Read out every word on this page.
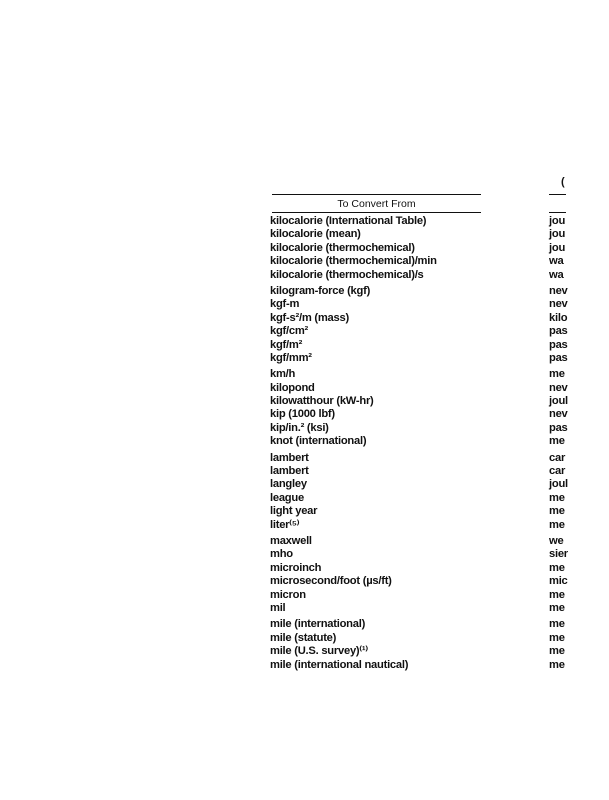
(
To Convert From
kilocalorie (International Table)
kilocalorie (mean)
kilocalorie (thermochemical)
kilocalorie (thermochemical)/min
kilocalorie (thermochemical)/s
kilogram-force (kgf)
kgf-m
kgf-s²/m (mass)
kgf/cm²
kgf/m²
kgf/mm²
km/h
kilopond
kilowatthour (kW-hr)
kip (1000 lbf)
kip/in.² (ksi)
knot (international)
lambert
lambert
langley
league
light year
liter⁽⁵⁾
maxwell
mho
microinch
microsecond/foot (µs/ft)
micron
mil
mile (international)
mile (statute)
mile (U.S. survey)⁽¹⁾
mile (international nautical)
jou
jou
jou
wa
wa
nev
nev
kilo
pas
pas
pas
me
nev
joul
nev
pas
me
car
car
joul
me
me
me
we
sier
me
mic
me
me
me
me
me
me
